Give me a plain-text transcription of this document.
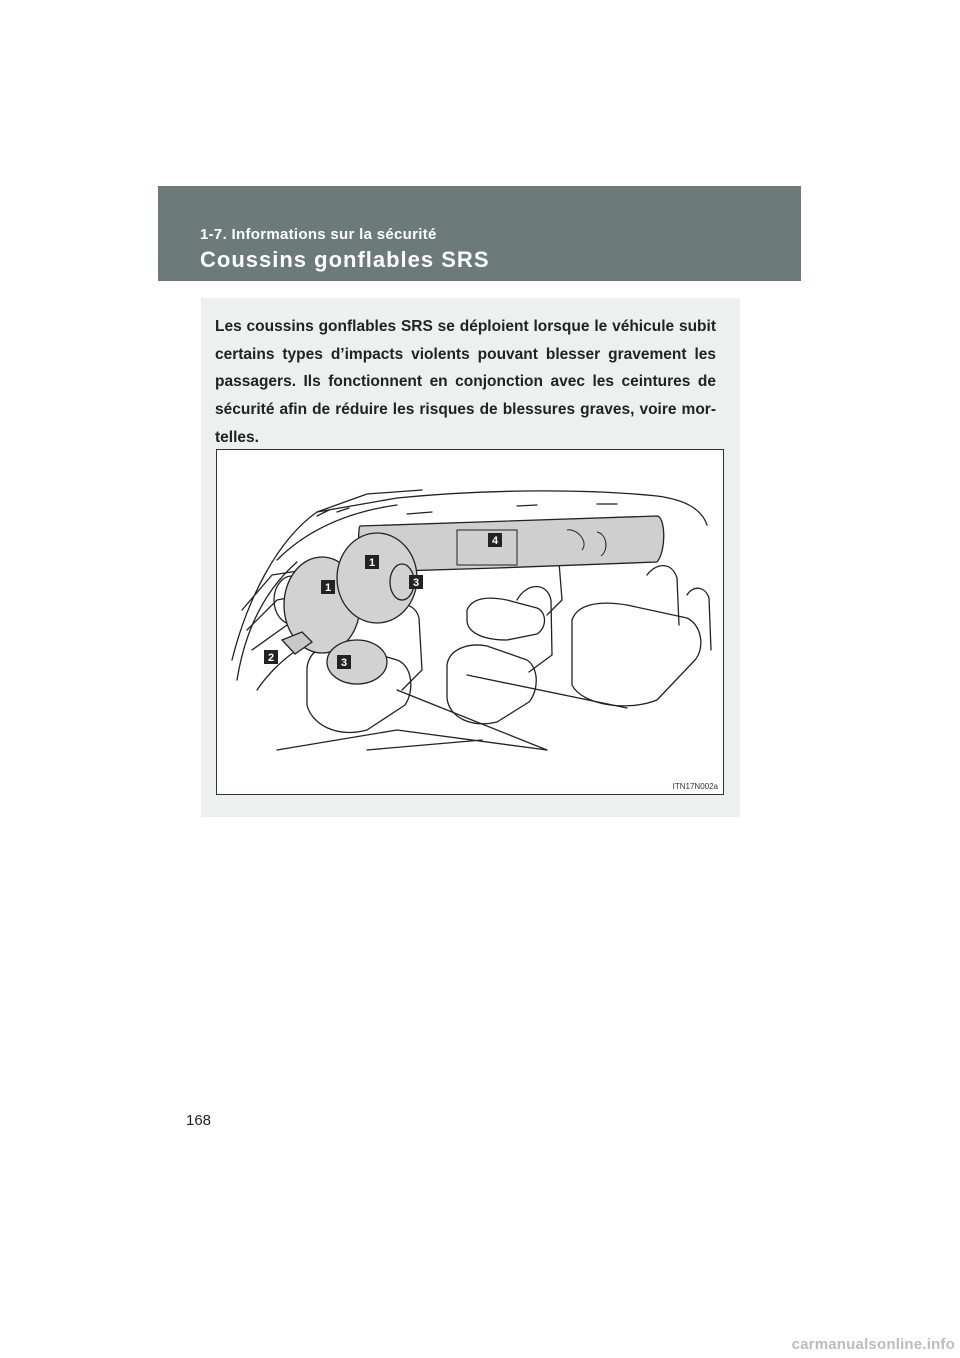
1-7. Informations sur la sécurité
Coussins gonflables SRS

Les coussins gonflables SRS se déploient lorsque le véhicule subit certains types d’impacts violents pouvant blesser gravement les passagers. Ils fonctionnent en conjonction avec les ceintures de sécurité afin de réduire les risques de blessures graves, voire mor-telles.

1
1
2
3
3
4
ITN17N002a
168
carmanualsonline.info
